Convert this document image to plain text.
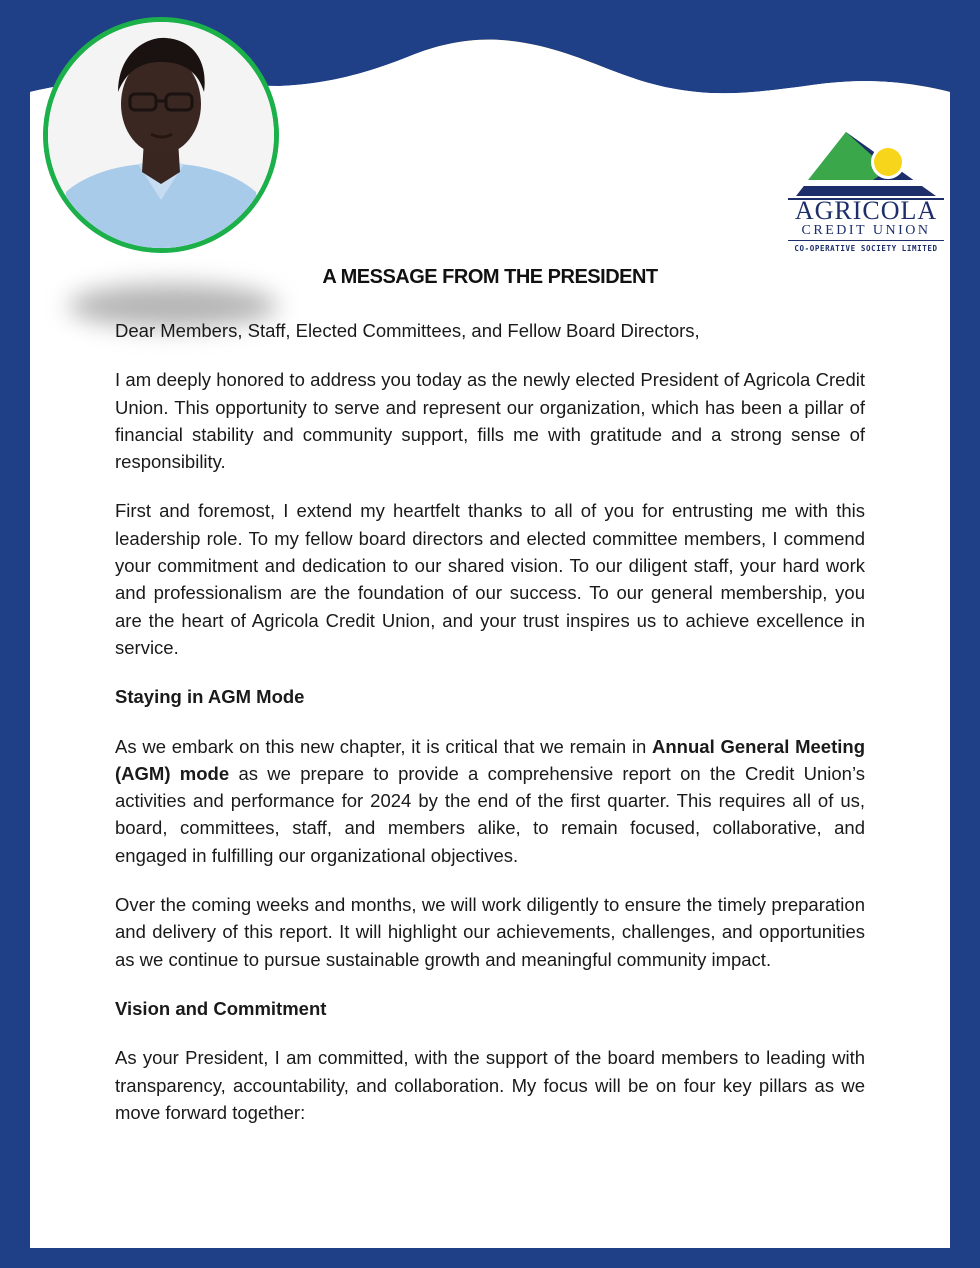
AGRICOLA
CREDIT UNION
CO-OPERATIVE SOCIETY LIMITED
A MESSAGE FROM THE PRESIDENT

Dear Members, Staff, Elected Committees, and Fellow Board Directors,

I am deeply honored to address you today as the newly elected President of Agricola Credit Union. This opportunity to serve and represent our organization, which has been a pillar of financial stability and community support, fills me with gratitude and a strong sense of responsibility.

First and foremost, I extend my heartfelt thanks to all of you for entrusting me with this leadership role. To my fellow board directors and elected committee members, I commend your commitment and dedication to our shared vision. To our diligent staff, your hard work and professionalism are the foundation of our success. To our general membership, you are the heart of Agricola Credit Union, and your trust inspires us to achieve excellence in service.

Staying in AGM Mode

As we embark on this new chapter, it is critical that we remain in Annual General Meeting (AGM) mode as we prepare to provide a comprehensive report on the Credit Union’s activities and performance for 2024 by the end of the first quarter. This requires all of us, board, committees, staff, and members alike, to remain focused, collaborative, and engaged in fulfilling our organizational objectives.

Over the coming weeks and months, we will work diligently to ensure the timely preparation and delivery of this report. It will highlight our achievements, challenges, and opportunities as we continue to pursue sustainable growth and meaningful community impact.

Vision and Commitment

As your President, I am committed, with the support of the board members to leading with transparency, accountability, and collaboration. My focus will be on four key pillars as we move forward together:
